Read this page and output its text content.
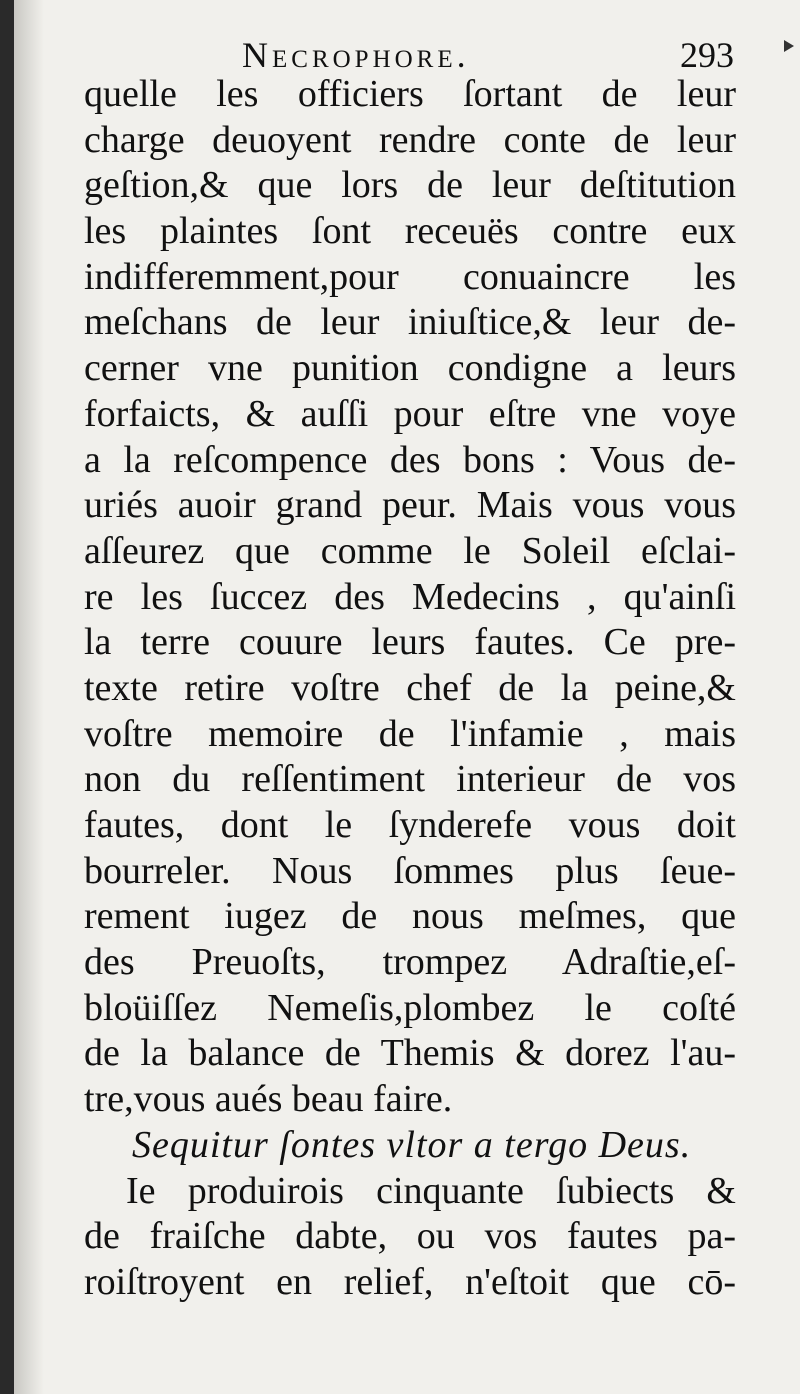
Necrophore.	293
quelle les officiers ſortant de leur
charge deuoyent rendre conte de leur
geſtion,& que lors de leur deſtitution
les plaintes ſont receuës contre eux
indifferemment,pour conuaincre les
meſchans de leur iniuſtice,& leur de-
cerner vne punition condigne a leurs
forfaicts, & auſſi pour eſtre vne voye
a la reſcompence des bons : Vous de-
uriés auoir grand peur. Mais vous vous
aſſeurez que comme le Soleil eſclai-
re les ſuccez des Medecins , qu'ainſi
la terre couure leurs fautes. Ce pre-
texte retire voſtre chef de la peine,&
voſtre memoire de l'infamie , mais
non du reſſentiment interieur de vos
fautes, dont le ſynderefe vous doit
bourreler. Nous ſommes plus ſeue-
rement iugez de nous meſmes, que
des Preuoſts, trompez Adraſtie,eſ-
bloüiſſez Nemeſis,plombez le coſté
de la balance de Themis & dorez l'au-
tre,vous aués beau faire.
Sequitur ſontes vltor a tergo Deus.
Ie produirois cinquante ſubiects &
de fraiſche dabte, ou vos fautes pa-
roiſtroyent en relief, n'eſtoit que cō-
